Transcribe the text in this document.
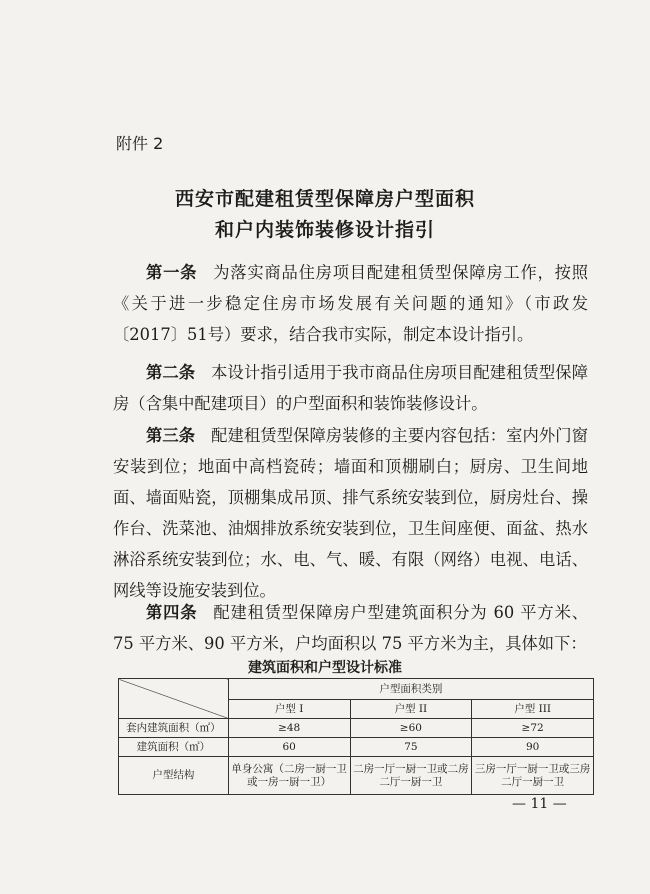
附件 2
西安市配建租赁型保障房户型面积
和户内装饰装修设计指引

第一条 为落实商品住房项目配建租赁型保障房工作，按照《关于进一步稳定住房市场发展有关问题的通知》（市政发〔2017〕51号）要求，结合我市实际，制定本设计指引。

第二条 本设计指引适用于我市商品住房项目配建租赁型保障房（含集中配建项目）的户型面积和装饰装修设计。

第三条 配建租赁型保障房装修的主要内容包括：室内外门窗安装到位；地面中高档瓷砖；墙面和顶棚刷白；厨房、卫生间地面、墙面贴瓷，顶棚集成吊顶、排气系统安装到位，厨房灶台、操作台、洗菜池、油烟排放系统安装到位，卫生间座便、面盆、热水淋浴系统安装到位；水、电、气、暖、有限（网络）电视、电话、网线等设施安装到位。

第四条 配建租赁型保障房户型建筑面积分为 60 平方米、75 平方米、90 平方米，户均面积以 75 平方米为主，具体如下：

建筑面积和户型设计标准
	户型面积类别		
	户型 I	户型 II	户型 III
套内建筑面积（㎡）	≥48	≥60	≥72
建筑面积（㎡）	60	75	90
户型结构	单身公寓（二房一厨一卫或一房一厨一卫）	二房一厅一厨一卫或二房二厅一厨一卫	三房一厅一厨一卫或三房二厅一厨一卫
— 11 —
